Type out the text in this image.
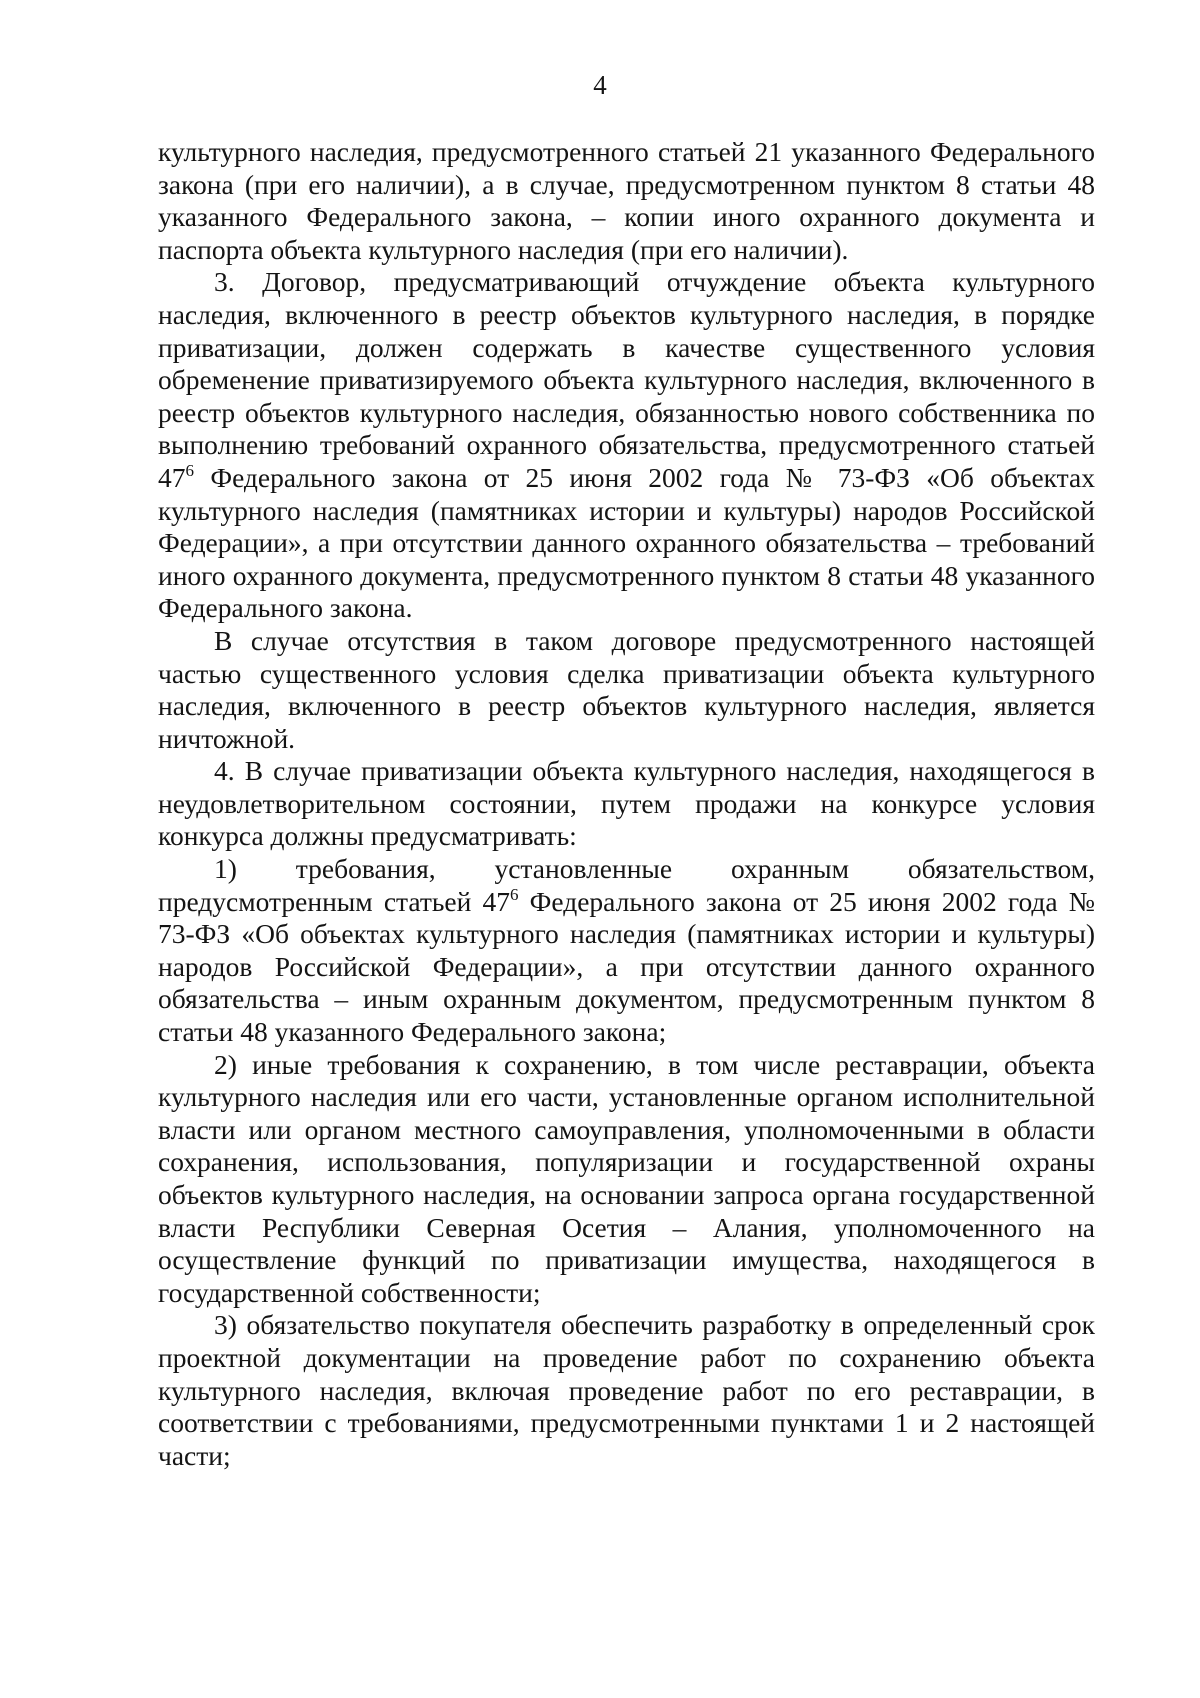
4

культурного наследия, предусмотренного статьей 21 указанного Федерального закона (при его наличии), а в случае, предусмотренном пунктом 8 статьи 48 указанного Федерального закона, – копии иного охранного документа и паспорта объекта культурного наследия (при его наличии).

3. Договор, предусматривающий отчуждение объекта культурного наследия, включенного в реестр объектов культурного наследия, в порядке приватизации, должен содержать в качестве существенного условия обременение приватизируемого объекта культурного наследия, включенного в реестр объектов культурного наследия, обязанностью нового собственника по выполнению требований охранного обязательства, предусмотренного статьей $47^6$ Федерального закона от 25 июня 2002 года № 73-ФЗ «Об объектах культурного наследия (памятниках истории и культуры) народов Российской Федерации», а при отсутствии данного охранного обязательства – требований иного охранного документа, предусмотренного пунктом 8 статьи 48 указанного Федерального закона.

В случае отсутствия в таком договоре предусмотренного настоящей частью существенного условия сделка приватизации объекта культурного наследия, включенного в реестр объектов культурного наследия, является ничтожной.

4. В случае приватизации объекта культурного наследия, находящегося в неудовлетворительном состоянии, путем продажи на конкурсе условия конкурса должны предусматривать:

1) требования, установленные охранным обязательством, предусмотренным статьей $47^6$ Федерального закона от 25 июня 2002 года № 73-ФЗ «Об объектах культурного наследия (памятниках истории и культуры) народов Российской Федерации», а при отсутствии данного охранного обязательства – иным охранным документом, предусмотренным пунктом 8 статьи 48 указанного Федерального закона;

2) иные требования к сохранению, в том числе реставрации, объекта культурного наследия или его части, установленные органом исполнительной власти или органом местного самоуправления, уполномоченными в области сохранения, использования, популяризации и государственной охраны объектов культурного наследия, на основании запроса органа государственной власти Республики Северная Осетия – Алания, уполномоченного на осуществление функций по приватизации имущества, находящегося в государственной собственности;

3) обязательство покупателя обеспечить разработку в определенный срок проектной документации на проведение работ по сохранению объекта культурного наследия, включая проведение работ по его реставрации, в соответствии с требованиями, предусмотренными пунктами 1 и 2 настоящей части;
